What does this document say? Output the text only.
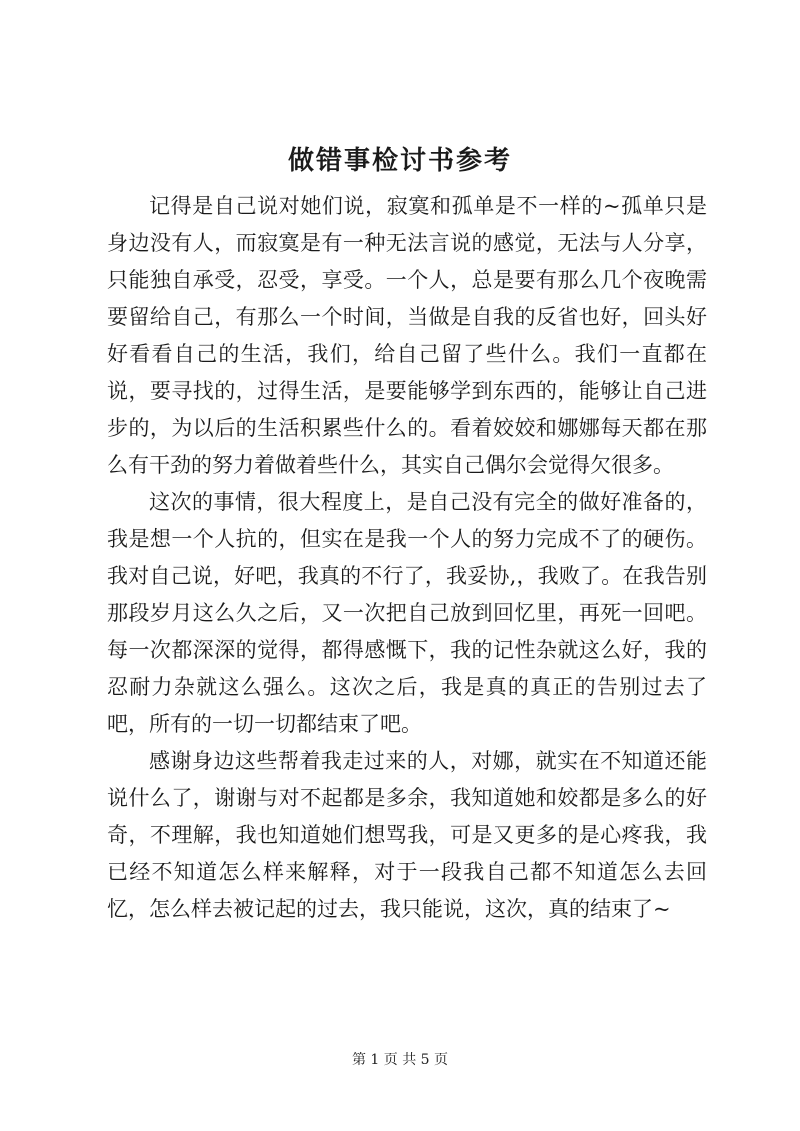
做错事检讨书参考

记得是自己说对她们说，寂寞和孤单是不一样的~孤单只是身边没有人，而寂寞是有一种无法言说的感觉，无法与人分享，只能独自承受，忍受，享受。一个人，总是要有那么几个夜晚需要留给自己，有那么一个时间，当做是自我的反省也好，回头好好看看自己的生活，我们，给自己留了些什么。我们一直都在说，要寻找的，过得生活，是要能够学到东西的，能够让自己进步的，为以后的生活积累些什么的。看着姣姣和娜娜每天都在那么有干劲的努力着做着些什么，其实自己偶尔会觉得欠很多。

这次的事情，很大程度上，是自己没有完全的做好准备的，我是想一个人抗的，但实在是我一个人的努力完成不了的硬伤。我对自己说，好吧，我真的不行了，我妥协,，我败了。在我告别那段岁月这么久之后，又一次把自己放到回忆里，再死一回吧。每一次都深深的觉得，都得感慨下，我的记性杂就这么好，我的忍耐力杂就这么强么。这次之后，我是真的真正的告别过去了吧，所有的一切一切都结束了吧。

感谢身边这些帮着我走过来的人，对娜，就实在不知道还能说什么了，谢谢与对不起都是多余，我知道她和姣都是多么的好奇，不理解，我也知道她们想骂我，可是又更多的是心疼我，我已经不知道怎么样来解释，对于一段我自己都不知道怎么去回忆，怎么样去被记起的过去，我只能说，这次，真的结束了~

第 1 页 共 5 页
